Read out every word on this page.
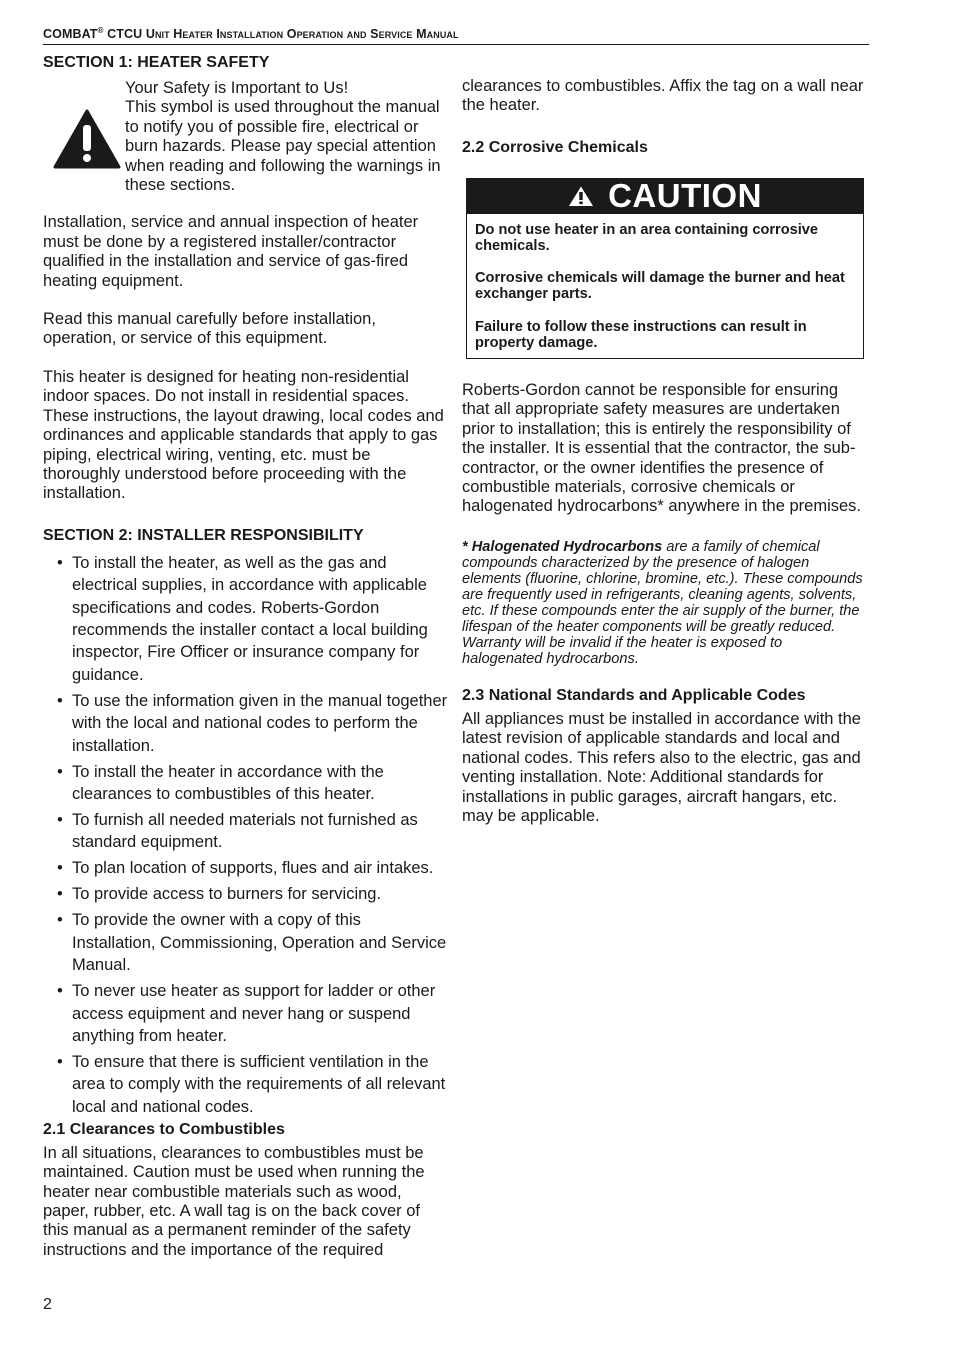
COMBAT® CTCU Unit Heater Installation Operation and Service Manual
SECTION 1: HEATER SAFETY
Your Safety is Important to Us!
This symbol is used throughout the manual to notify you of possible fire, electrical or burn hazards. Please pay special attention when reading and following the warnings in these sections.

Installation, service and annual inspection of heater must be done by a registered installer/contractor qualified in the installation and service of gas-fired heating equipment.

Read this manual carefully before installation, operation, or service of this equipment.

This heater is designed for heating non-residential indoor spaces. Do not install in residential spaces. These instructions, the layout drawing, local codes and ordinances and applicable standards that apply to gas piping, electrical wiring, venting, etc. must be thoroughly understood before proceeding with the installation.

SECTION 2: INSTALLER RESPONSIBILITY
• To install the heater, as well as the gas and electrical supplies, in accordance with applicable specifications and codes. Roberts-Gordon recommends the installer contact a local building inspector, Fire Officer or insurance company for guidance.
• To use the information given in the manual together with the local and national codes to perform the installation.
• To install the heater in accordance with the clearances to combustibles of this heater.
• To furnish all needed materials not furnished as standard equipment.
• To plan location of supports, flues and air intakes.
• To provide access to burners for servicing.
• To provide the owner with a copy of this Installation, Commissioning, Operation and Service Manual.
• To never use heater as support for ladder or other access equipment and never hang or suspend anything from heater.
• To ensure that there is sufficient ventilation in the area to comply with the requirements of all relevant local and national codes.
2.1 Clearances to Combustibles

In all situations, clearances to combustibles must be maintained. Caution must be used when running the heater near combustible materials such as wood, paper, rubber, etc. A wall tag is on the back cover of this manual as a permanent reminder of the safety instructions and the importance of the required

clearances to combustibles. Affix the tag on a wall near the heater.

2.2 Corrosive Chemicals
CAUTION

Do not use heater in an area containing corrosive chemicals.

Corrosive chemicals will damage the burner and heat exchanger parts.

Failure to follow these instructions can result in property damage.

Roberts-Gordon cannot be responsible for ensuring that all appropriate safety measures are undertaken prior to installation; this is entirely the responsibility of the installer. It is essential that the contractor, the sub-contractor, or the owner identifies the presence of combustible materials, corrosive chemicals or halogenated hydrocarbons* anywhere in the premises.

* Halogenated Hydrocarbons are a family of chemical compounds characterized by the presence of halogen elements (fluorine, chlorine, bromine, etc.). These compounds are frequently used in refrigerants, cleaning agents, solvents, etc. If these compounds enter the air supply of the burner, the lifespan of the heater components will be greatly reduced. Warranty will be invalid if the heater is exposed to halogenated hydrocarbons.

2.3 National Standards and Applicable Codes

All appliances must be installed in accordance with the latest revision of applicable standards and local and national codes. This refers also to the electric, gas and venting installation. Note: Additional standards for installations in public garages, aircraft hangars, etc. may be applicable.

2
